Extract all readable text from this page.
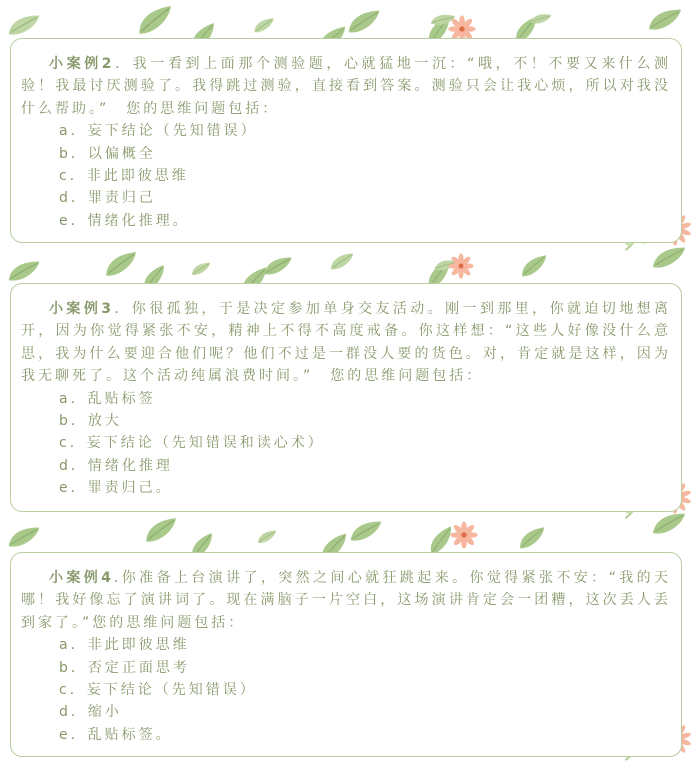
小案例2．我一看到上面那个测验题，心就猛地一沉：“哦，不！不要又来什么测验！我最讨厌测验了。我得跳过测验，直接看到答案。测验只会让我心烦，所以对我没什么帮助。”　您的思维问题包括：

a．妄下结论（先知错误）
b．以偏概全
c．非此即彼思维
d．罪责归己
e．情绪化推理。

小案例3．你很孤独，于是决定参加单身交友活动。刚一到那里，你就迫切地想离开，因为你觉得紧张不安，精神上不得不高度戒备。你这样想：“这些人好像没什么意思，我为什么要迎合他们呢？他们不过是一群没人要的货色。对，肯定就是这样，因为我无聊死了。这个活动纯属浪费时间。”　您的思维问题包括：

a．乱贴标签
b．放大
c．妄下结论（先知错误和读心术）
d．情绪化推理
e．罪责归己。

小案例4.你准备上台演讲了，突然之间心就狂跳起来。你觉得紧张不安：“我的天哪！我好像忘了演讲词了。现在满脑子一片空白，这场演讲肯定会一团糟，这次丢人丢到家了。”您的思维问题包括：

a．非此即彼思维
b．否定正面思考
c．妄下结论（先知错误）
d．缩小
e．乱贴标签。
